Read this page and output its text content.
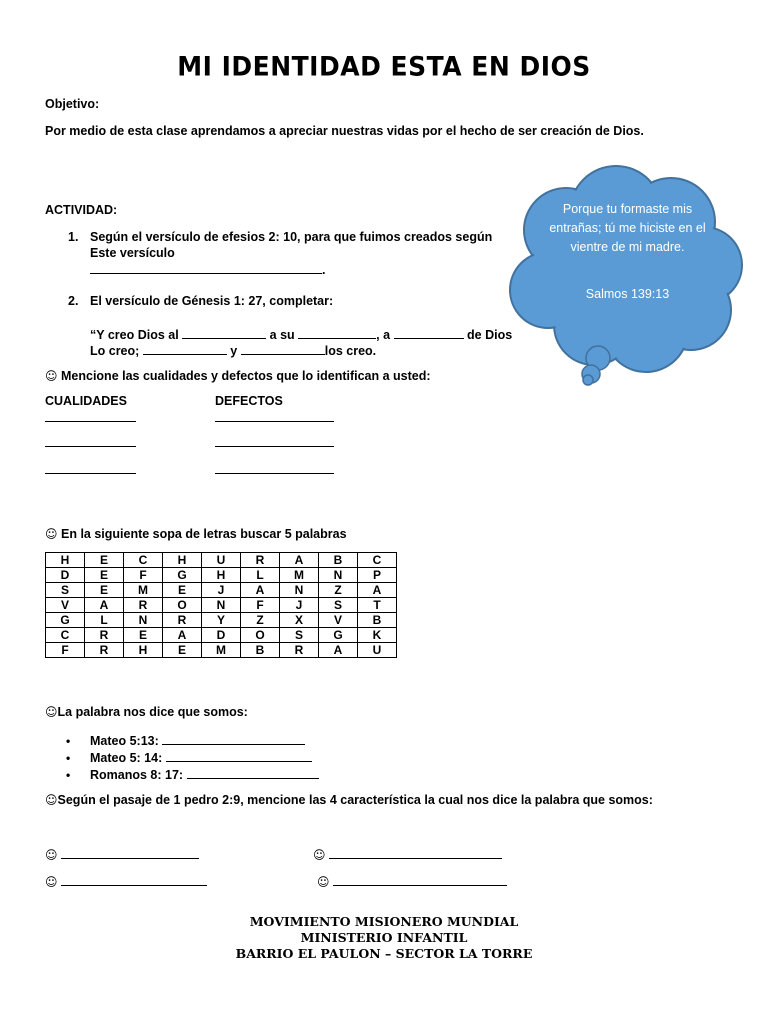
MI IDENTIDAD ESTA EN DIOS
Objetivo:
Por medio de esta clase aprendamos a apreciar nuestras vidas por el hecho de ser creación de Dios.
ACTIVIDAD:
1. Según el versículo de efesios 2: 10, para que fuimos creados según
Este versículo
.
2. El versículo de Génesis 1: 27, completar:
“Y creo Dios al	a su	, a	de Dios
Lo creo;	y	los creo.
Porque tu formaste mis entrañas; tú me hiciste en el vientre de mi madre.
Salmos 139:13
☺ Mencione las cualidades y defectos que lo identifican a usted:
CUALIDADES	DEFECTOS
☺ En la siguiente sopa de letras buscar 5 palabras
H	E	C	H	U	R	A	B	C
D	E	F	G	H	L	M	N	P
S	E	M	E	J	A	N	Z	A
V	A	R	O	N	F	J	S	T
G	L	N	R	Y	Z	X	V	B
C	R	E	A	D	O	S	G	K
F	R	H	E	M	B	R	A	U
☺La palabra nos dice que somos:
• Mateo 5:13:
• Mateo 5: 14:
• Romanos 8: 17:
☺Según el pasaje de 1 pedro 2:9, mencione las 4 característica la cual nos dice la palabra que somos:
☺	☺
☺	☺
MOVIMIENTO MISIONERO MUNDIAL
MINISTERIO INFANTIL
BARRIO EL PAULON – SECTOR LA TORRE
